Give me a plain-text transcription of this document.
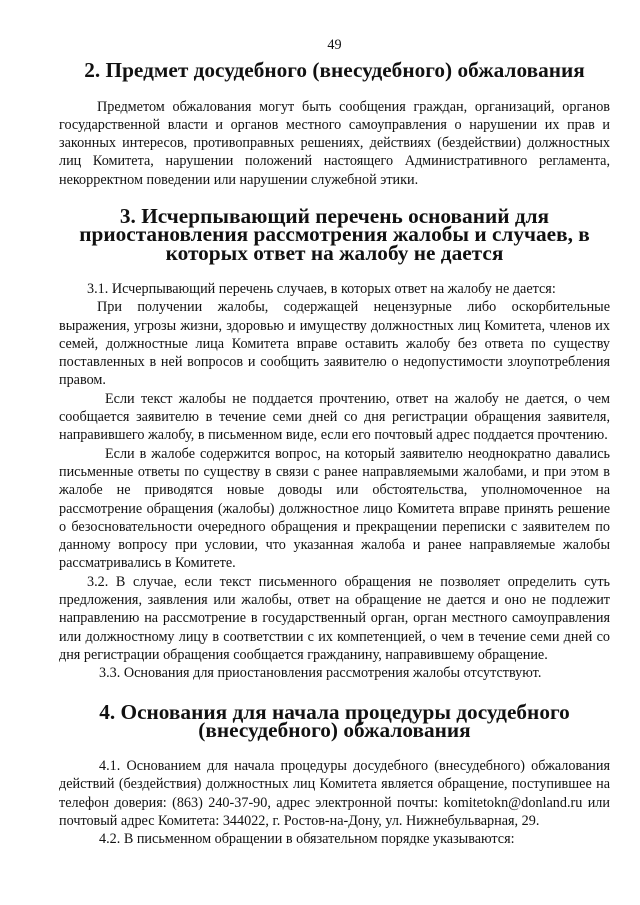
49
2. Предмет досудебного (внесудебного) обжалования

Предметом обжалования могут быть сообщения граждан, организаций, органов государственной власти и органов местного самоуправления о нарушении их прав и законных интересов, противоправных решениях, действиях (бездействии) должностных лиц Комитета, нарушении положений настоящего Административного регламента, некорректном поведении или нарушении служебной этики.

3. Исчерпывающий перечень оснований для приостановления рассмотрения жалобы и случаев, в которых ответ на жалобу не дается

3.1. Исчерпывающий перечень случаев, в которых ответ на жалобу не дается:

При получении жалобы, содержащей нецензурные либо оскорбительные выражения, угрозы жизни, здоровью и имуществу должностных лиц Комитета, членов их семей, должностные лица Комитета вправе оставить жалобу без ответа по существу поставленных в ней вопросов и сообщить заявителю о недопустимости злоупотребления правом.

Если текст жалобы не поддается прочтению, ответ на жалобу не дается, о чем сообщается заявителю в течение семи дней со дня регистрации обращения заявителя, направившего жалобу, в письменном виде, если его почтовый адрес поддается прочтению.

Если в жалобе содержится вопрос, на который заявителю неоднократно давались письменные ответы по существу в связи с ранее направляемыми жалобами, и при этом в жалобе не приводятся новые доводы или обстоятельства, уполномоченное на рассмотрение обращения (жалобы) должностное лицо Комитета вправе принять решение о безосновательности очередного обращения и прекращении переписки с заявителем по данному вопросу при условии, что указанная жалоба и ранее направляемые жалобы рассматривались в Комитете.

3.2. В случае, если текст письменного обращения не позволяет определить суть предложения, заявления или жалобы, ответ на обращение не дается и оно не подлежит направлению на рассмотрение в государственный орган, орган местного самоуправления или должностному лицу в соответствии с их компетенцией, о чем в течение семи дней со дня регистрации обращения сообщается гражданину, направившему обращение.

3.3. Основания для приостановления рассмотрения жалобы отсутствуют.

4. Основания для начала процедуры досудебного (внесудебного) обжалования

4.1. Основанием для начала процедуры досудебного (внесудебного) обжалования действий (бездействия) должностных лиц Комитета является обращение, поступившее на телефон доверия: (863) 240-37-90, адрес электронной почты: komitetokn@donland.ru или почтовый адрес Комитета: 344022, г. Ростов-на-Дону, ул. Нижнебульварная, 29.

4.2. В письменном обращении в обязательном порядке указываются:
